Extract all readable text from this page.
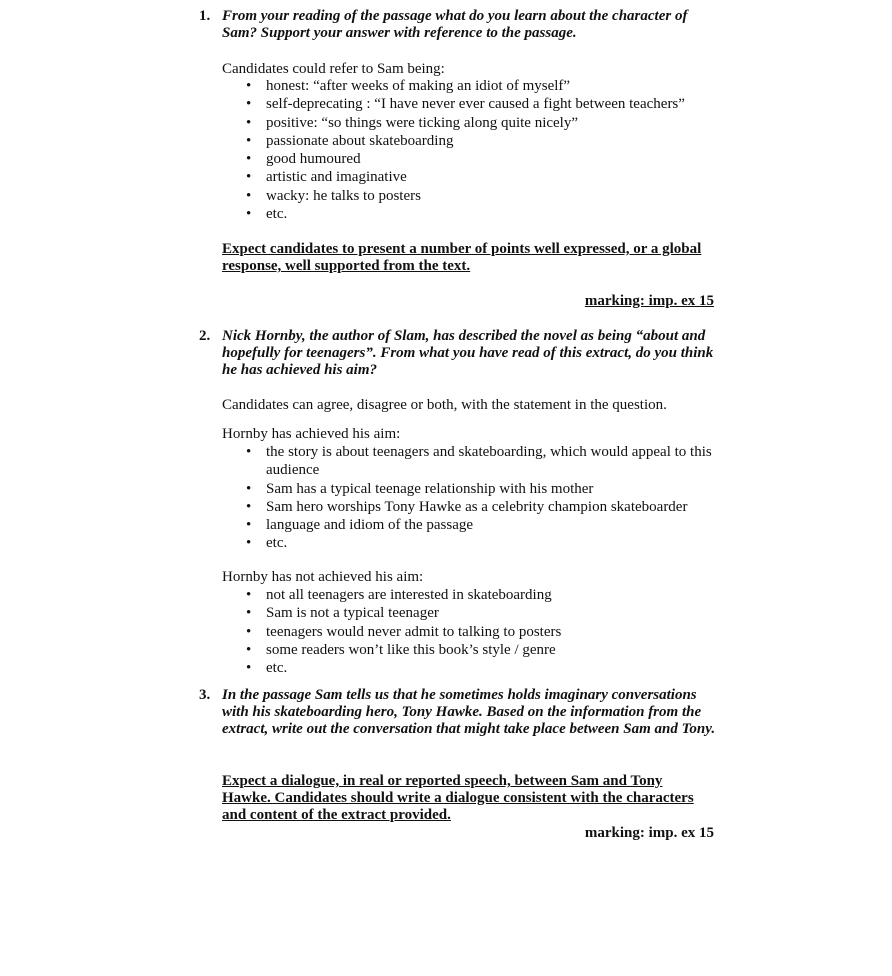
1. From your reading of the passage what do you learn about the character of Sam? Support your answer with reference to the passage.
Candidates could refer to Sam being:
• honest: “after weeks of making an idiot of myself”
• self-deprecating : “I have never ever caused a fight between teachers”
• positive: “so things were ticking along quite nicely”
• passionate about skateboarding
• good humoured
• artistic and imaginative
• wacky: he talks to posters
• etc.
Expect candidates to present a number of points well expressed, or a global response, well supported from the text.
marking: imp. ex 15
2. Nick Hornby, the author of Slam, has described the novel as being “about and hopefully for teenagers”. From what you have read of this extract, do you think he has achieved his aim?
Candidates can agree, disagree or both, with the statement in the question.
Hornby has achieved his aim:
• the story is about teenagers and skateboarding, which would appeal to this audience
• Sam has a typical teenage relationship with his mother
• Sam hero worships Tony Hawke as a celebrity champion skateboarder
• language and idiom of the passage
• etc.
Hornby has not achieved his aim:
• not all teenagers are interested in skateboarding
• Sam is not a typical teenager
• teenagers would never admit to talking to posters
• some readers won’t like this book’s style / genre
• etc.
3. In the passage Sam tells us that he sometimes holds imaginary conversations with his skateboarding hero, Tony Hawke. Based on the information from the extract, write out the conversation that might take place between Sam and Tony.
Expect a dialogue, in real or reported speech, between Sam and Tony Hawke. Candidates should write a dialogue consistent with the characters and content of the extract provided.
marking: imp. ex 15
